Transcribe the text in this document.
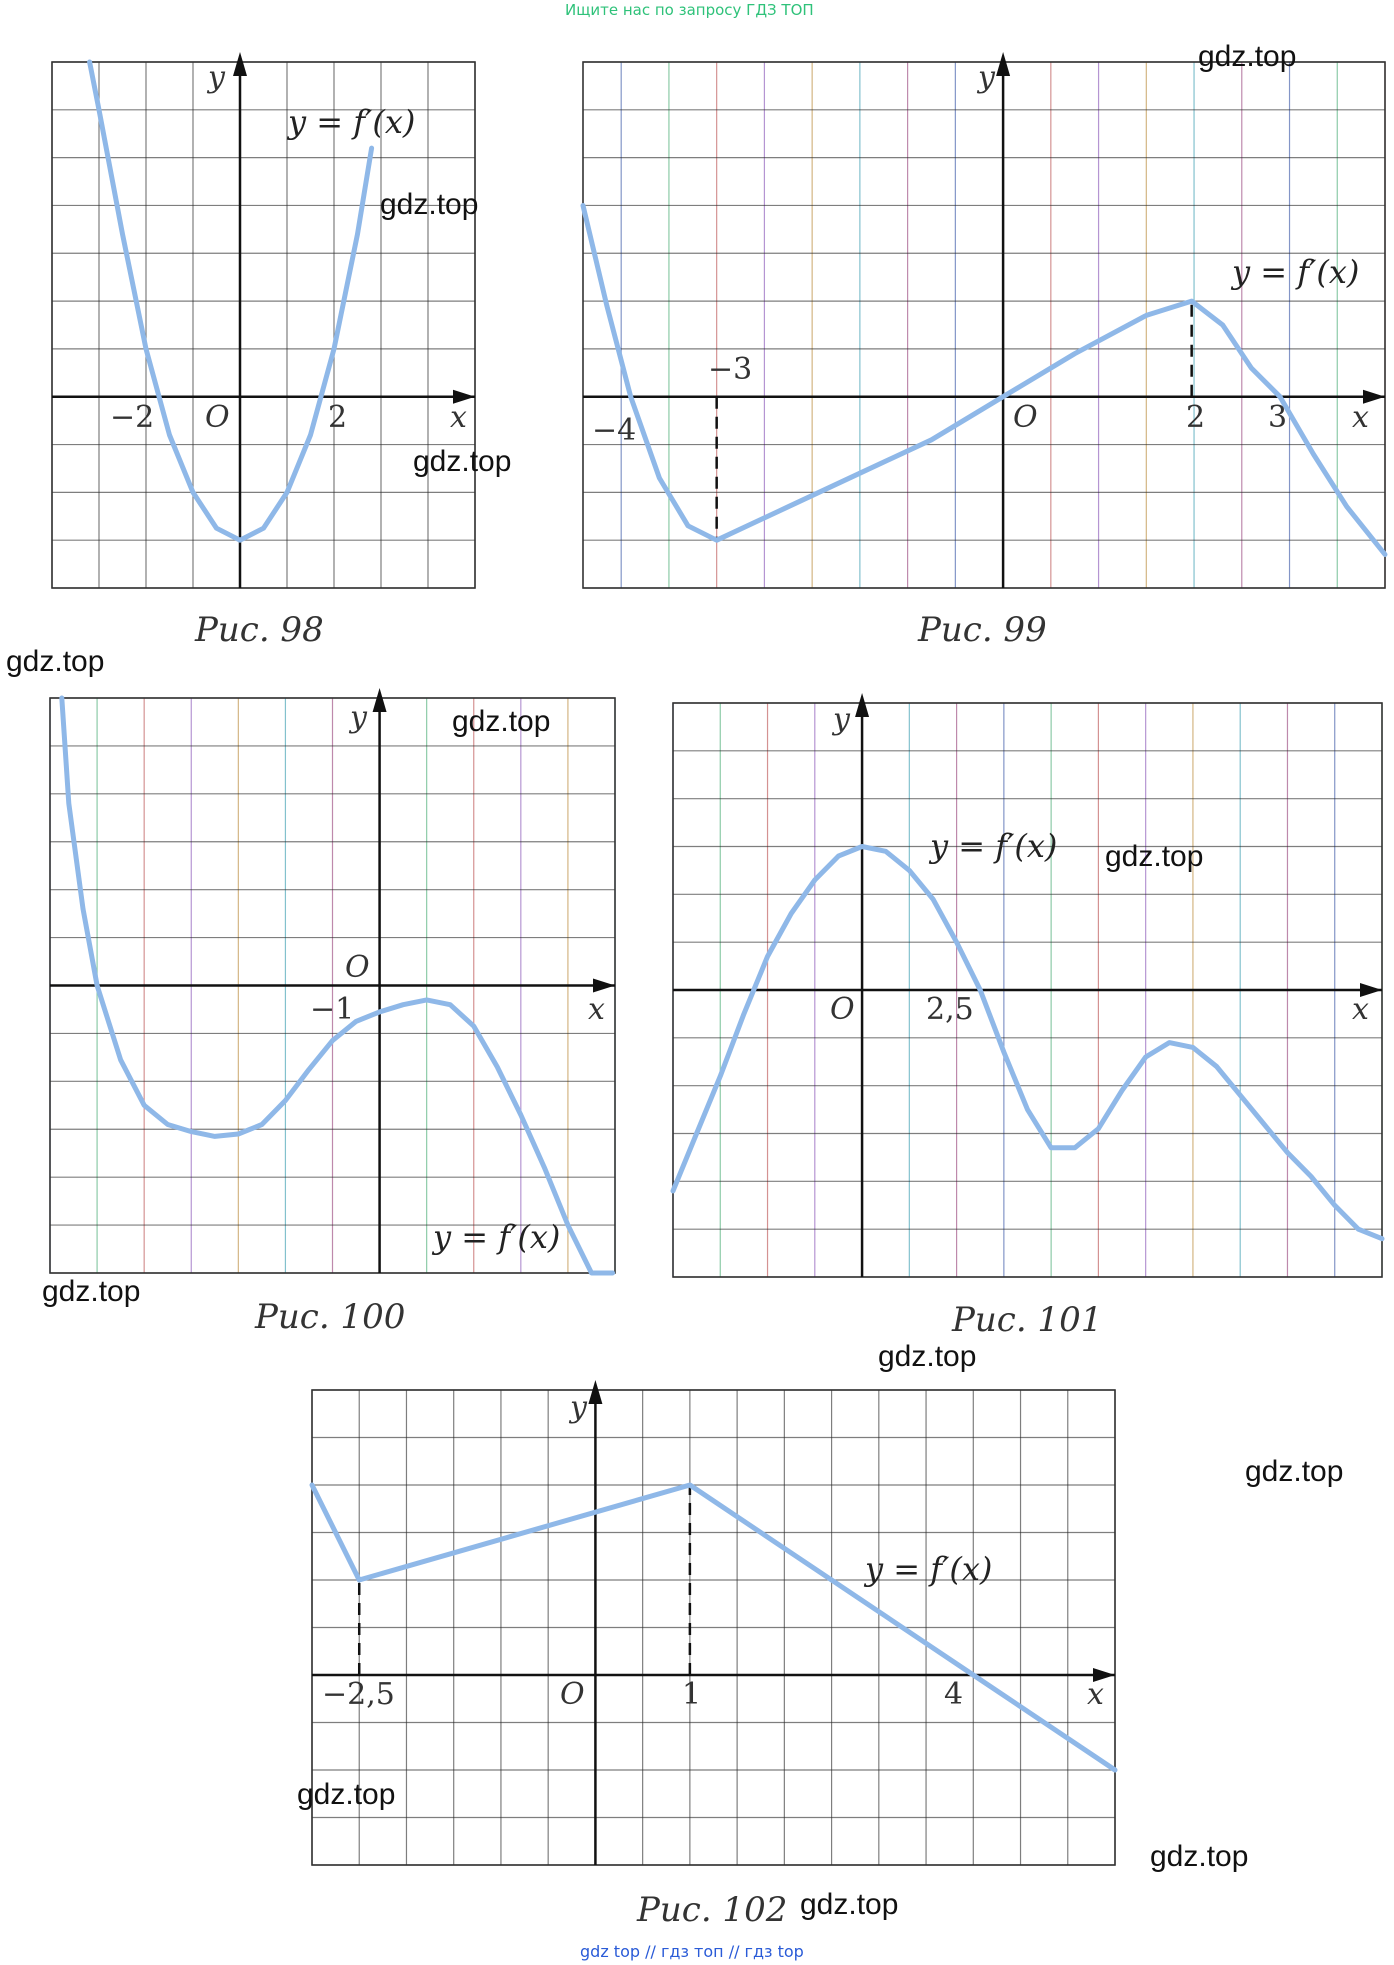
Ищите нас по запросу ГДЗ ТОП
gdz.top
gdz.top
gdz.top
gdz.top
gdz.top
gdz.top
gdz.top
gdz.top
gdz.top
gdz.top
gdz.top
gdz.top
gdz top // гдз топ // гдз top
Рис. 98
y = f′(x)
x
y
O
−2	2
Рис. 99
y = f′(x)
x
y
O
−4
−3
2 3
Рис. 100
y = f′(x)
x
y
O
−1
Рис. 101
y = f′(x)
x
y
O 2,5
Рис. 102
y = f′(x)
x
y
O
−2,5	1	4
